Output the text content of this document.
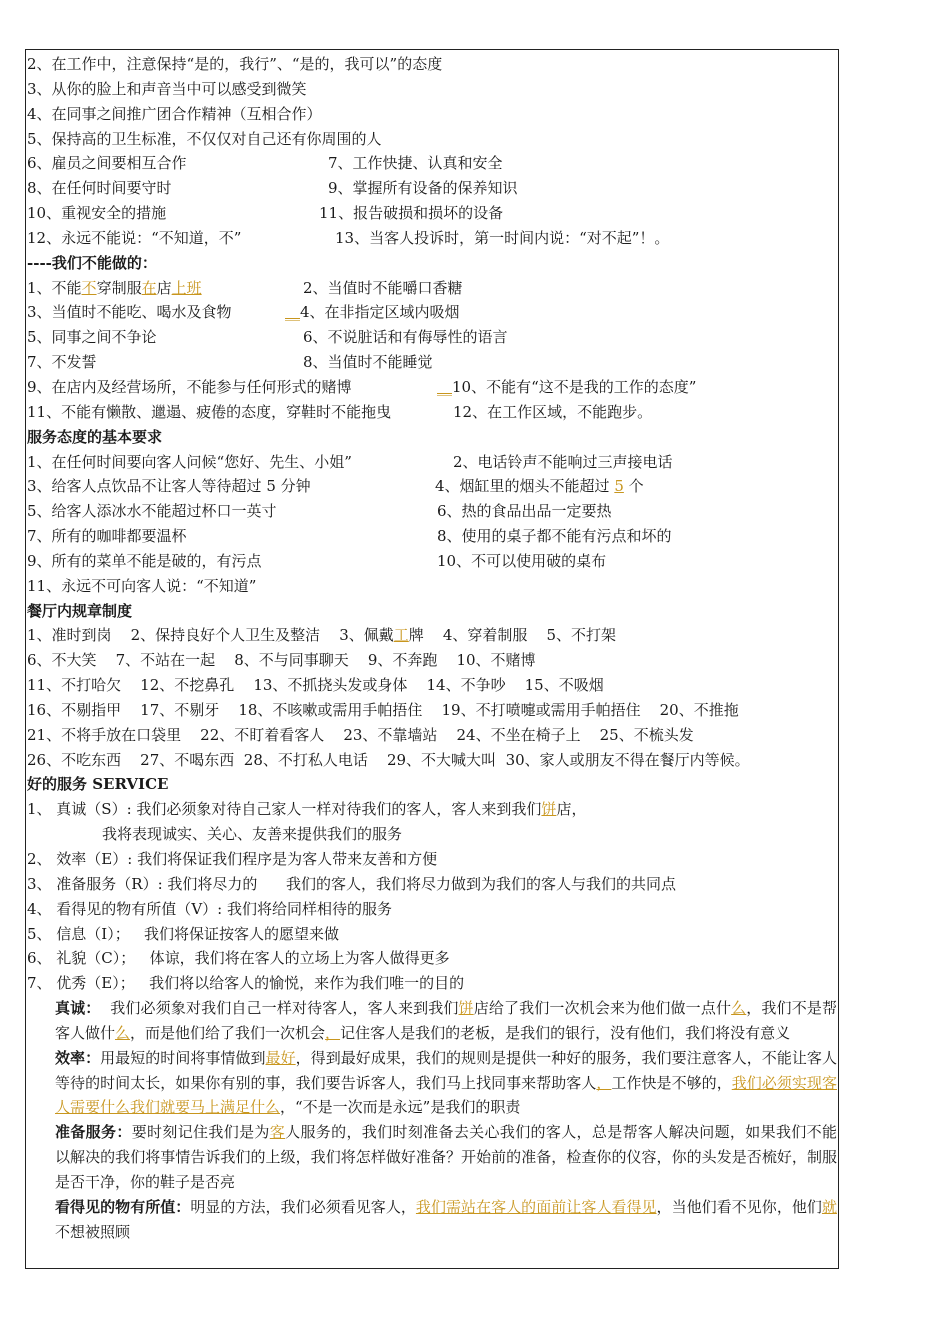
2、在工作中，注意保持“是的，我行”、“是的，我可以”的态度
3、从你的脸上和声音当中可以感受到微笑
4、在同事之间推广团合作精神（互相合作）
5、保持高的卫生标准，不仅仅对自己还有你周围的人
6、雇员之间要相互合作	7、工作快捷、认真和安全
8、在任何时间要守时	9、掌握所有设备的保养知识
10、重视安全的措施	11、报告破损和损坏的设备
12、永远不能说：“不知道，不”	13、当客人投诉时，第一时间内说：“对不起”！。
----我们不能做的：
1、不能不穿制服在店上班	2、当值时不能嚼口香糖
3、当值时不能吃、喝水及食物	__4、在非指定区域内吸烟
5、同事之间不争论	6、不说脏话和有侮辱性的语言
7、不发誓	8、当值时不能睡觉
9、在店内及经营场所，不能参与任何形式的赌博	__10、不能有“这不是我的工作的态度”
11、不能有懒散、邋遢、疲倦的态度，穿鞋时不能拖曳	12、在工作区域，不能跑步。
服务态度的基本要求
1、在任何时间要向客人问候“您好、先生、小姐”	2、电话铃声不能响过三声接电话
3、给客人点饮品不让客人等待超过 5 分钟	4、烟缸里的烟头不能超过 5 个
5、给客人添冰水不能超过杯口一英寸	6、热的食品出品一定要热
7、所有的咖啡都要温杯	8、使用的桌子都不能有污点和坏的
9、所有的菜单不能是破的，有污点	10、不可以使用破的桌布
11、永远不可向客人说：“不知道”
餐厅内规章制度
1、准时到岗    2、保持良好个人卫生及整洁    3、佩戴工牌    4、穿着制服    5、不打架
6、不大笑    7、不站在一起    8、不与同事聊天    9、不奔跑    10、不赌博
11、不打哈欠    12、不挖鼻孔    13、不抓挠头发或身体    14、不争吵    15、不吸烟
16、不剔指甲    17、不剔牙    18、不咳嗽或需用手帕捂住    19、不打喷嚏或需用手帕捂住    20、不推拖
21、不将手放在口袋里    22、不盯着看客人    23、不靠墙站    24、不坐在椅子上    25、不梳头发
26、不吃东西    27、不喝东西  28、不打私人电话    29、不大喊大叫  30、家人或朋友不得在餐厅内等候。
好的服务 SERVICE
1、 真诚（S）: 我们必须象对待自己家人一样对待我们的客人，客人来到我们饼店，
我将表现诚实、关心、友善来提供我们的服务
2、 效率（E）: 我们将保证我们程序是为客人带来友善和方便
3、 准备服务（R）: 我们将尽力的      我们的客人，我们将尽力做到为我们的客人与我们的共同点
4、 看得见的物有所值（V）: 我们将给同样相待的服务
5、 信息（I）；   我们将保证按客人的愿望来做
6、 礼貌（C）；   体谅，我们将在客人的立场上为客人做得更多
7、 优秀（E）；   我们将以给客人的愉悦，来作为我们唯一的目的
真诚：  我们必须象对我们自己一样对待客人，客人来到我们饼店给了我们一次机会来为他们做一点什么，我们不是帮客人做什么，而是他们给了我们一次机会，记住客人是我们的老板，是我们的银行，没有他们，我们将没有意义
效率：用最短的时间将事情做到最好，得到最好成果，我们的规则是提供一种好的服务，我们要注意客人，不能让客人等待的时间太长，如果你有别的事，我们要告诉客人，我们马上找同事来帮助客人，工作快是不够的，我们必须实现客人需要什么我们就要马上满足什么，“不是一次而是永远”是我们的职责
准备服务：要时刻记住我们是为客人服务的，我们时刻准备去关心我们的客人，总是帮客人解决问题，如果我们不能         以解决的我们将事情告诉我们的上级，我们将怎样做好准备？开始前的准备，检查你的仪容，你的头发是否梳好，制服是否干净，你的鞋子是否亮
看得见的物有所值：明显的方法，我们必须看见客人，我们需站在客人的面前让客人看得见，当他们看不见你，他们就不想被照顾
